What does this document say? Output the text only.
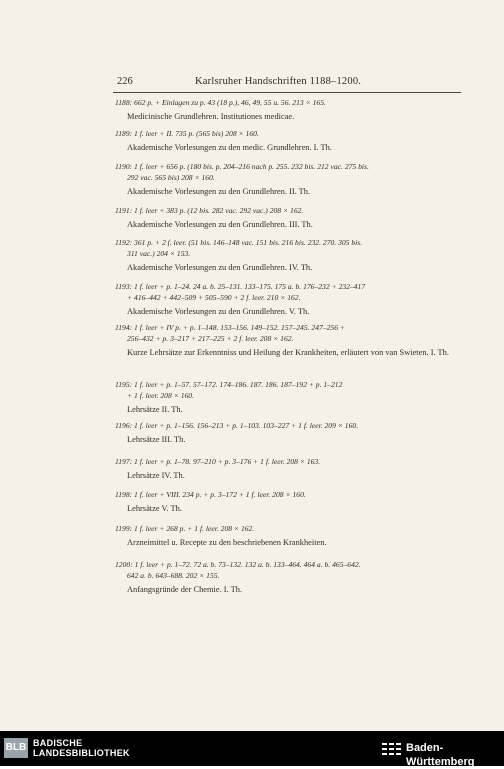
226	Karlsruher Handschriften 1188–1200.

1188: 662 p. + Einlagen zu p. 43 (18 p.), 46, 49, 55 u. 56. 213 × 165.

Medicinische Grundlehren. Institutiones medicae.

1189: 1 f. leer + II. 735 p. (565 bis) 208 × 160.

Akademische Vorlesungen zu den medic. Grundlehren. I. Th.

1190: 1 f. leer + 656 p. (180 bis. p. 204–216 nach p. 255. 232 bis. 212 vac. 275 bis.
292 vac. 565 bis) 208 × 160.

Akademische Vorlesungen zu den Grundlehren. II. Th.

1191: 1 f. leer + 383 p. (12 bis. 282 vac. 292 vac.) 208 × 162.

Akademische Vorlesungen zu den Grundlehren. III. Th.

1192: 361 p. + 2 f. leer. (51 bis. 146–148 vac. 151 bis. 216 bis. 232. 270. 305 bis.
311 vac.) 204 × 153.

Akademische Vorlesungen zu den Grundlehren. IV. Th.

1193: 1 f. leer + p. 1–24. 24 a. b. 25–131. 133–175. 175 a. b. 176–232 + 232–417
+ 416–442 + 442–509 + 505–590 + 2 f. leer. 210 × 162.

Akademische Vorlesungen zu den Grundlehren. V. Th.

1194: 1 f. leer + IV p. + p. 1–148. 153–156. 149–152. 157–245. 247–256 +
256–432 + p. 3–217 + 217–225 + 2 f. leer. 208 × 162.

Kurze Lehrsätze zur Erkenntniss und Heilung der Krankheiten, erläutert von van Swieten. I. Th.

1195: 1 f. leer + p. 1–57. 57–172. 174–186. 187. 186. 187–192 + p. 1–212
+ 1 f. leer. 208 × 160.

Lehrsätze II. Th.

1196: 1 f. leer + p. 1–156. 156–213 + p. 1–103. 103–227 + 1 f. leer. 209 × 160.

Lehrsätze III. Th.

1197: 1 f. leer + p. 1–78. 97–210 + p. 3–176 + 1 f. leer. 208 × 163.

Lehrsätze IV. Th.

1198: 1 f. leer + VIII. 234 p. + p. 3–172 + 1 f. leer. 208 × 160.

Lehrsätze V. Th.

1199: 1 f. leer + 268 p. + 1 f. leer. 208 × 162.

Arzneimittel u. Recepte zu den beschriebenen Krankheiten.

1200: 1 f. leer + p. 1–72. 72 a. b. 73–132. 132 a. b. 133–464. 464 a. b. 465–642.
642 a. b. 643–688. 202 × 155.

Anfangsgründe der Chemie. I. Th.

BLB BADISCHE
LANDESBIBLIOTHEK	Baden-Württemberg
